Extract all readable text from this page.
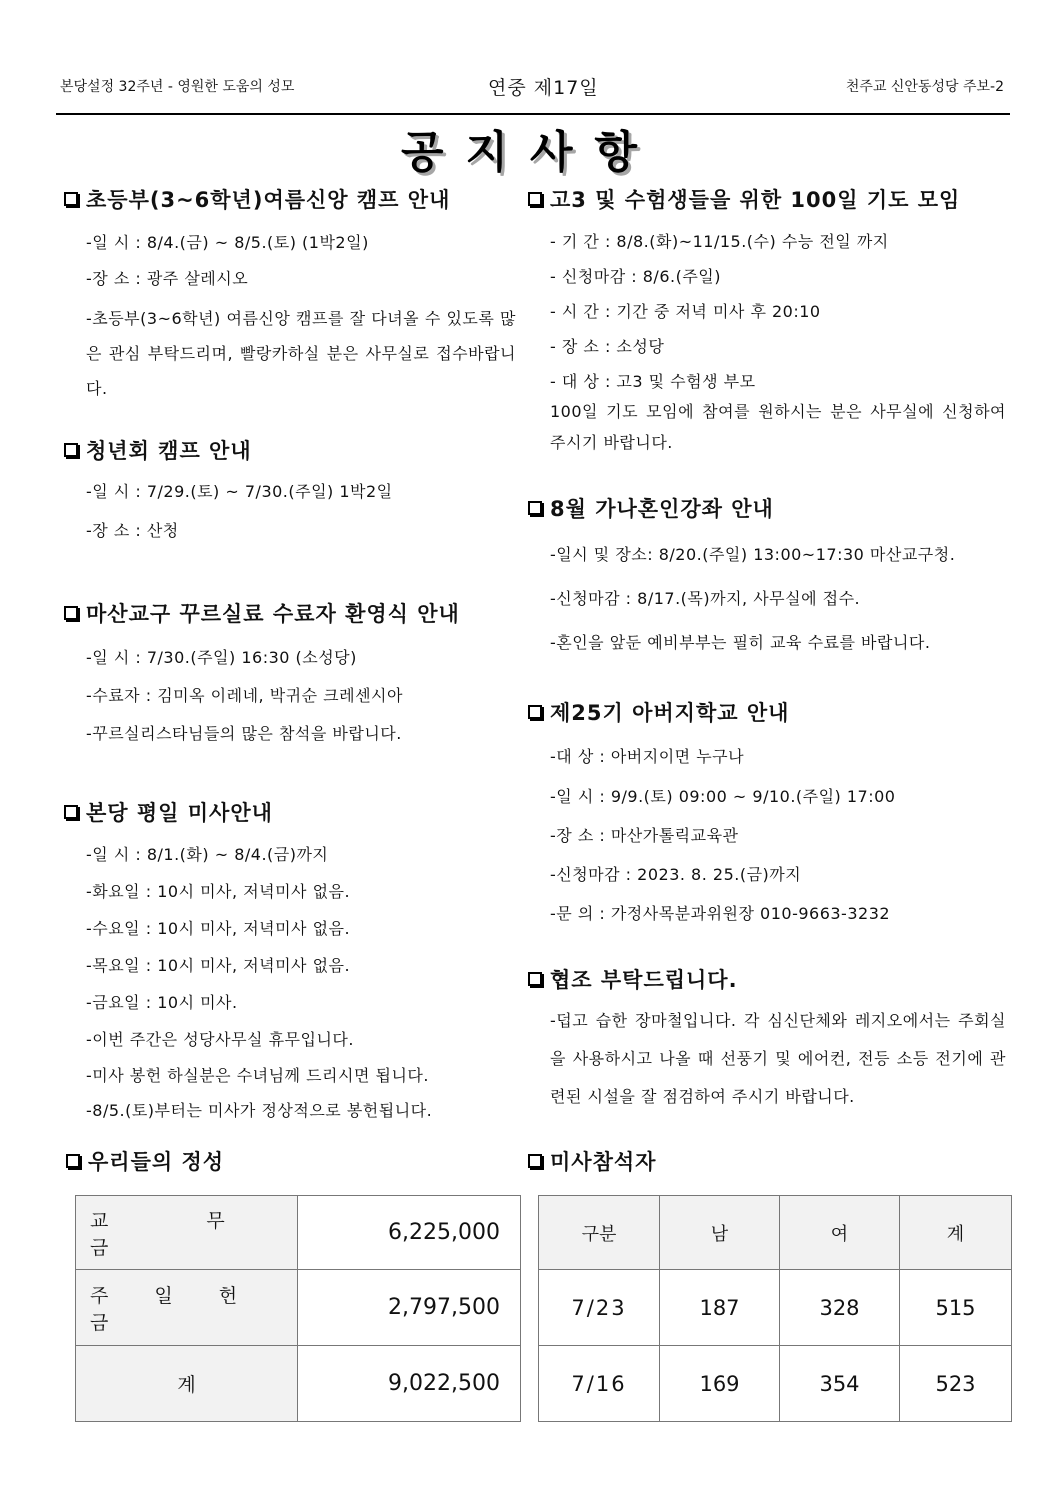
본당설정 32주년 - 영원한 도움의 성모	연중 제17일	천주교 신안동성당 주보-2
공지사항
초등부(3~6학년)여름신앙 캠프 안내
-일 시 : 8/4.(금) ~ 8/5.(토) (1박2일)
-장 소 : 광주 살레시오
-초등부(3~6학년) 여름신앙 캠프를 잘 다녀올 수 있도록 많은 관심 부탁드리며, 빨랑카하실 분은 사무실로 접수바랍니다.
청년회 캠프 안내
-일 시 : 7/29.(토) ~ 7/30.(주일) 1박2일
-장 소 : 산청
마산교구 꾸르실료 수료자 환영식 안내
-일 시 : 7/30.(주일) 16:30 (소성당)
-수료자 : 김미옥 이레네, 박귀순 크레센시아
-꾸르실리스타님들의 많은 참석을 바랍니다.
본당 평일 미사안내
-일 시 : 8/1.(화) ~ 8/4.(금)까지
-화요일 : 10시 미사, 저녁미사 없음.
-수요일 : 10시 미사, 저녁미사 없음.
-목요일 : 10시 미사, 저녁미사 없음.
-금요일 : 10시 미사.
-이번 주간은 성당사무실 휴무입니다.
-미사 봉헌 하실분은 수녀님께 드리시면 됩니다.
-8/5.(토)부터는 미사가 정상적으로 봉헌됩니다.
고3 및 수험생들을 위한 100일 기도 모임
- 기 간 : 8/8.(화)~11/15.(수) 수능 전일 까지
- 신청마감 : 8/6.(주일)
- 시 간 : 기간 중 저녁 미사 후 20:10
- 장 소 : 소성당
- 대 상 : 고3 및 수험생 부모
100일 기도 모임에 참여를 원하시는 분은 사무실에 신청하여 주시기 바랍니다.
8월 가나혼인강좌 안내
-일시 및 장소: 8/20.(주일) 13:00~17:30 마산교구청.
-신청마감 : 8/17.(목)까지, 사무실에 접수.
-혼인을 앞둔 예비부부는 필히 교육 수료를 바랍니다.
제25기 아버지학교 안내
-대 상 : 아버지이면 누구나
-일 시 : 9/9.(토) 09:00 ~ 9/10.(주일) 17:00
-장 소 : 마산가톨릭교육관
-신청마감 : 2023. 8. 25.(금)까지
-문 의 : 가정사목분과위원장 010-9663-3232
협조 부탁드립니다.
-덥고 습한 장마철입니다. 각 심신단체와 레지오에서는 주회실을 사용하시고 나올 때 선풍기 및 에어컨, 전등 소등 전기에 관련된 시설을 잘 점검하여 주시기 바랍니다.
우리들의 정성	미사참석자
교 무 금	6,225,000
주 일 헌 금	2,797,500
계	9,022,500
구분	남	여	계
7/23	187	328	515
7/16	169	354	523
